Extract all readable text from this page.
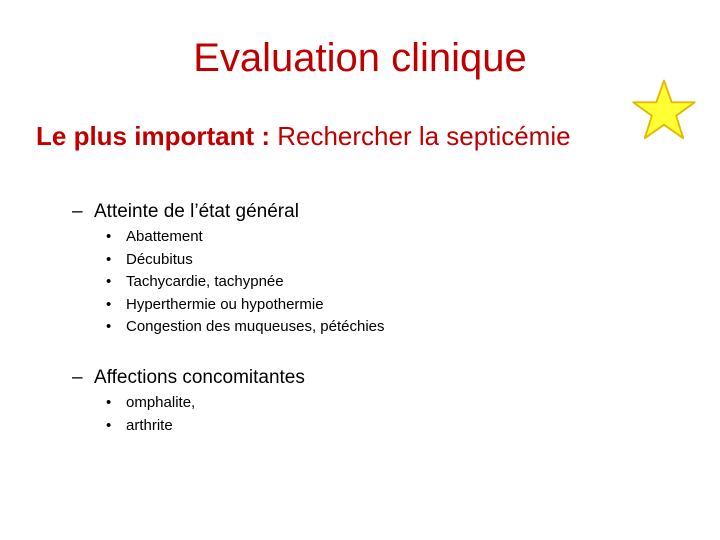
Evaluation clinique
Le plus important : Rechercher la septicémie
– Atteinte de l’état général
• Abattement
• Décubitus
• Tachycardie, tachypnée
• Hyperthermie ou hypothermie
• Congestion des muqueuses, pétéchies
– Affections concomitantes
• omphalite,
• arthrite
